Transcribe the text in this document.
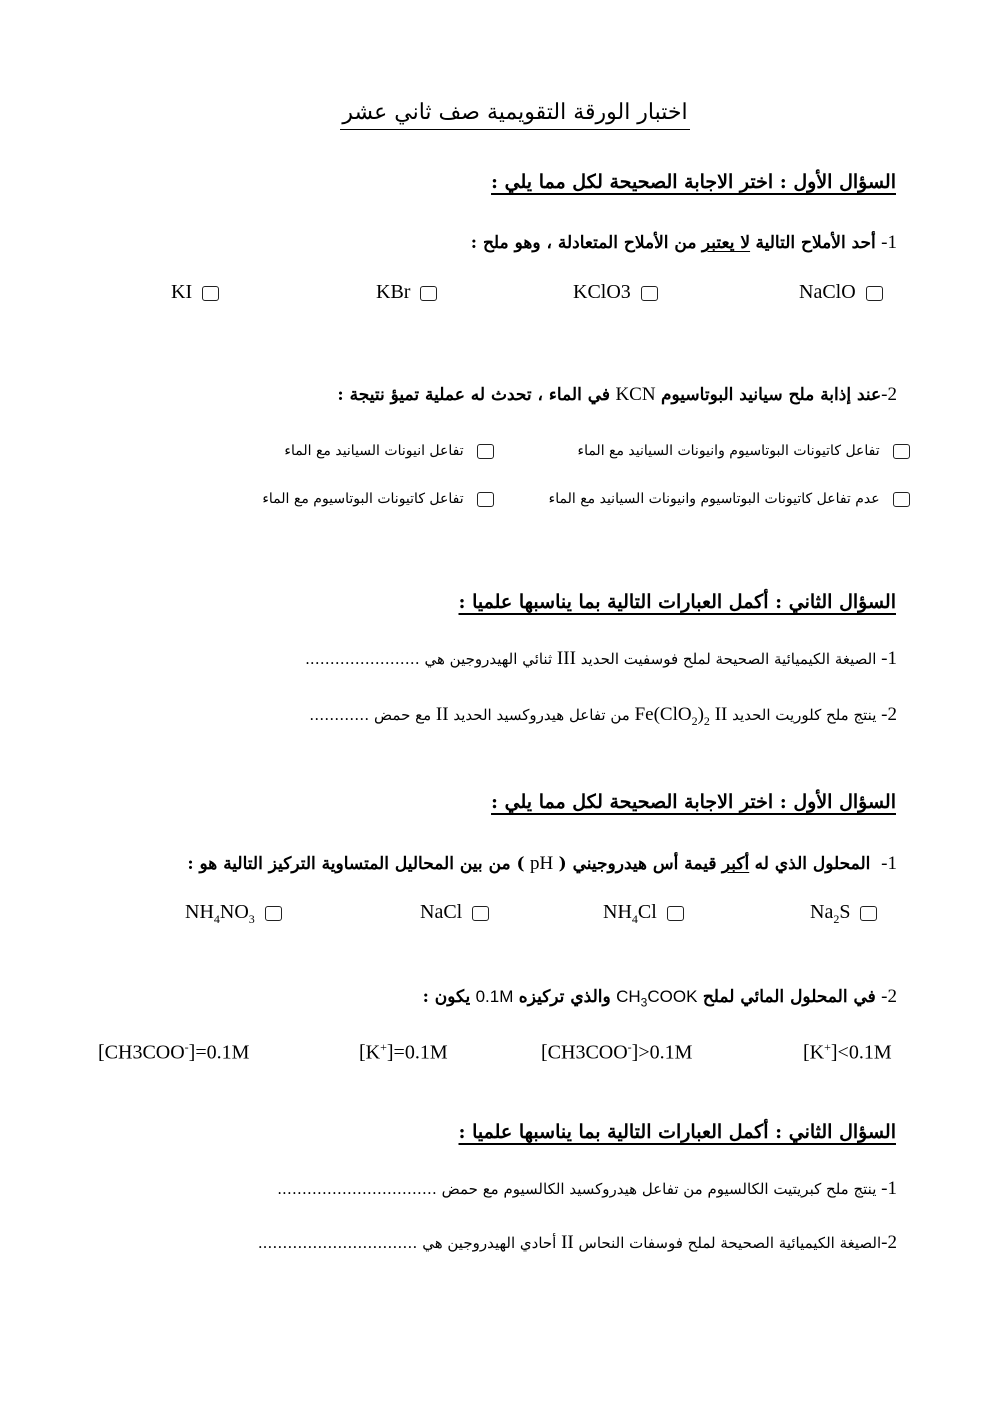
اختبار الورقة التقويمية صف ثاني عشر
السؤال الأول : اختر الاجابة الصحيحة لكل مما يلي :
1- أحد الأملاح التالية لا يعتبر من الأملاح المتعادلة ، وهو ملح :
KI	KBr	KClO3	NaClO
2-عند إذابة ملح سيانيد البوتاسيوم KCN في الماء ، تحدث له عملية تميؤ نتيجة :
تفاعل كاتيونات البوتاسيوم وانيونات السيانيد مع الماء
تفاعل انيونات السيانيد مع الماء
عدم تفاعل كاتيونات البوتاسيوم وانيونات السيانيد مع الماء
تفاعل كاتيونات البوتاسيوم مع الماء
السؤال الثاني : أكمل العبارات التالية بما يناسبها علميا :
1- الصيغة الكيميائية الصحيحة لملح فوسفيت الحديد III ثنائي الهيدروجين هي …………………..
2- ينتج ملح كلوريت الحديد II $Fe(ClO_2)_2$ من تفاعل هيدروكسيد الحديد II مع حمض …………
السؤال الأول : اختر الاجابة الصحيحة لكل مما يلي :
1-  المحلول الذي له أكبر قيمة أس هيدروجيني ( pH ) من بين المحاليل المتساوية التركيز التالية هو :
$NH_4NO_3$	NaCl	$NH_4Cl$	$Na_2S$
2- في المحلول المائي لملح $CH_3COOK$ والذي تركيزه 0.1M يكون :
[CH3COO-]=0.1M	[K+]=0.1M	[CH3COO-]>0.1M	[K+]<0.1M
السؤال الثاني : أكمل العبارات التالية بما يناسبها علميا :
1- ينتج ملح كبريتيت الكالسيوم من تفاعل هيدروكسيد الكالسيوم مع حمض …………………………..
2-الصيغة الكيميائية الصحيحة لملح فوسفات النحاس II أحادي الهيدروجين هي …………………………..
